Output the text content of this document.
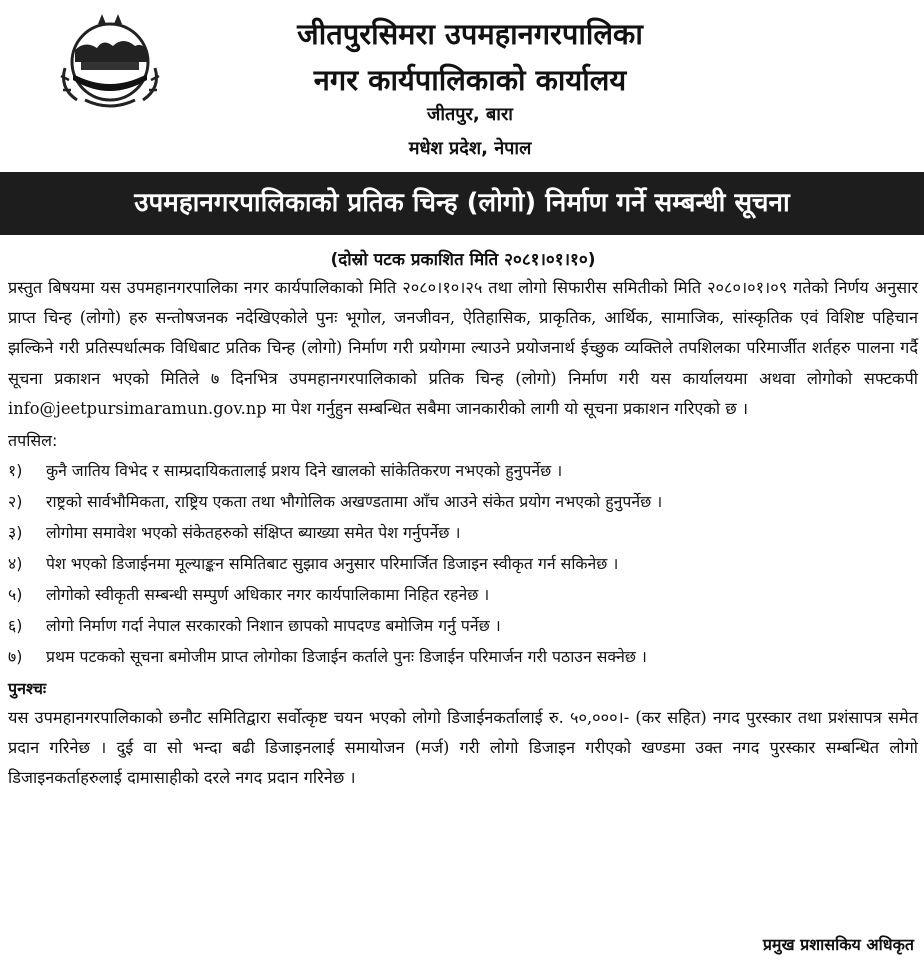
जीतपुरसिमरा उपमहानगरपालिका
नगर कार्यपालिकाको कार्यालय
जीतपुर, बारा
मधेश प्रदेश, नेपाल
उपमहानगरपालिकाको प्रतिक चिन्ह (लोगो) निर्माण गर्ने सम्बन्धी सूचना
(दोस्रो पटक प्रकाशित मिति २०८१।०१।१०)

प्रस्तुत बिषयमा यस उपमहानगरपालिका नगर कार्यपालिकाको मिति २०८०।१०।२५ तथा लोगो सिफारीस समितीको मिति २०८०।०१।०९ गतेको निर्णय अनुसार प्राप्त चिन्ह (लोगो) हरु सन्तोषजनक नदेखिएकोले पुनः भूगोल, जनजीवन, ऐतिहासिक, प्राकृतिक, आर्थिक, सामाजिक, सांस्कृतिक एवं विशिष्ट पहिचान झल्किने गरी प्रतिस्पर्धात्मक विधिबाट प्रतिक चिन्ह (लोगो) निर्माण गरी प्रयोगमा ल्याउने प्रयोजनार्थ ईच्छुक व्यक्तिले तपशिलका परिमार्जीत शर्तहरु पालना गर्दै सूचना प्रकाशन भएको मितिले ७ दिनभित्र उपमहानगरपालिकाको प्रतिक चिन्ह (लोगो) निर्माण गरी यस कार्यालयमा अथवा लोगोको सफ्टकपी info@jeetpursimaramun.gov.np मा पेश गर्नुहुन सम्बन्धित सबैमा जानकारीको लागी यो सूचना प्रकाशन गरिएको छ ।

तपसिल:
१)	कुनै जातिय विभेद र साम्प्रदायिकतालाई प्रशय दिने खालको सांकेतिकरण नभएको हुनुपर्नेछ ।
२)	राष्ट्रको सार्वभौमिकता, राष्ट्रिय एकता तथा भौगोलिक अखण्डतामा आँच आउने संकेत प्रयोग नभएको हुनुपर्नेछ ।
३)	लोगोमा समावेश भएको संकेतहरुको संक्षिप्त ब्याख्या समेत पेश गर्नुपर्नेछ ।
४)	पेश भएको डिजाईनमा मूल्याङ्कन समितिबाट सुझाव अनुसार परिमार्जित डिजाइन स्वीकृत गर्न सकिनेछ ।
५)	लोगोको स्वीकृती सम्बन्धी सम्पुर्ण अधिकार नगर कार्यपालिकामा निहित रहनेछ ।
६)	लोगो निर्माण गर्दा नेपाल सरकारको निशान छापको मापदण्ड बमोजिम गर्नु पर्नेछ ।
७)	प्रथम पटकको सूचना बमोजीम प्राप्त लोगोका डिजाईन कर्ताले पुनः डिजाईन परिमार्जन गरी पठाउन सक्नेछ ।
पुनश्चः

यस उपमहानगरपालिकाको छनौट समितिद्वारा सर्वोत्कृष्ट चयन भएको लोगो डिजाईनकर्तालाई रु. ५०,०००।- (कर सहित) नगद पुरस्कार तथा प्रशंसापत्र समेत प्रदान गरिनेछ । दुई वा सो भन्दा बढी डिजाइनलाई समायोजन (मर्ज) गरी लोगो डिजाइन गरीएको खण्डमा उक्त नगद पुरस्कार सम्बन्धित लोगो डिजाइनकर्ताहरुलाई दामासाहीको दरले नगद प्रदान गरिनेछ ।

प्रमुख प्रशासकिय अधिकृत
